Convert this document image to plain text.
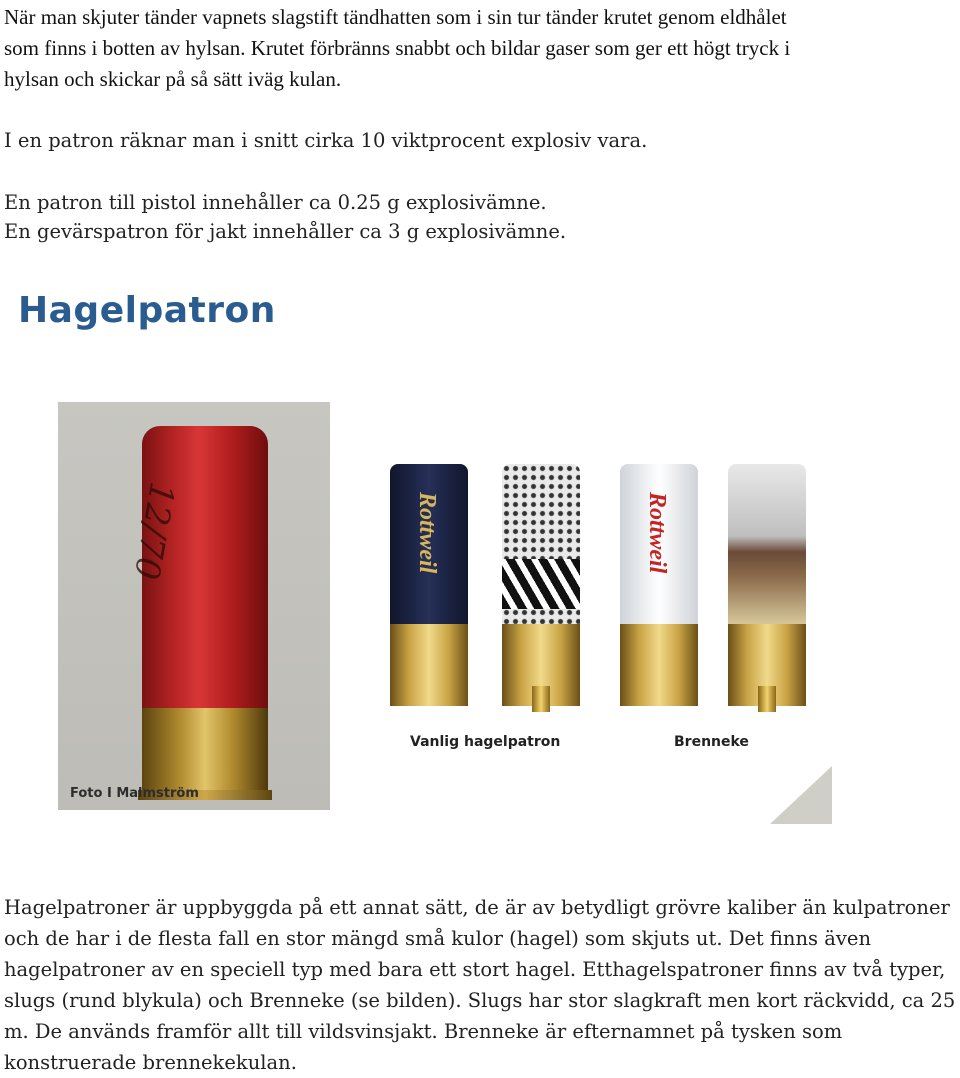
När man skjuter tänder vapnets slagstift tändhatten som i sin tur tänder krutet genom eldhålet
som finns i botten av hylsan. Krutet förbränns snabbt och bildar gaser som ger ett högt tryck i
hylsan och skickar på så sätt iväg kulan.

I en patron räknar man i snitt cirka 10 viktprocent explosiv vara.

En patron till pistol innehåller ca 0.25 g explosivämne.
En gevärspatron för jakt innehåller ca 3 g explosivämne.

Hagelpatron
12/70
Foto I Malmström
Rottweil	Rottweil
Vanlig hagelpatron	Brenneke

Hagelpatroner är uppbyggda på ett annat sätt, de är av betydligt grövre kaliber än kulpatroner
och de har i de flesta fall en stor mängd små kulor (hagel) som skjuts ut. Det finns även
hagelpatroner av en speciell typ med bara ett stort hagel. Etthagelspatroner finns av två typer,
slugs (rund blykula) och Brenneke (se bilden). Slugs har stor slagkraft men kort räckvidd, ca 25
m. De används framför allt till vildsvinsjakt. Brenneke är efternamnet på tysken som
konstruerade brennekekulan.
